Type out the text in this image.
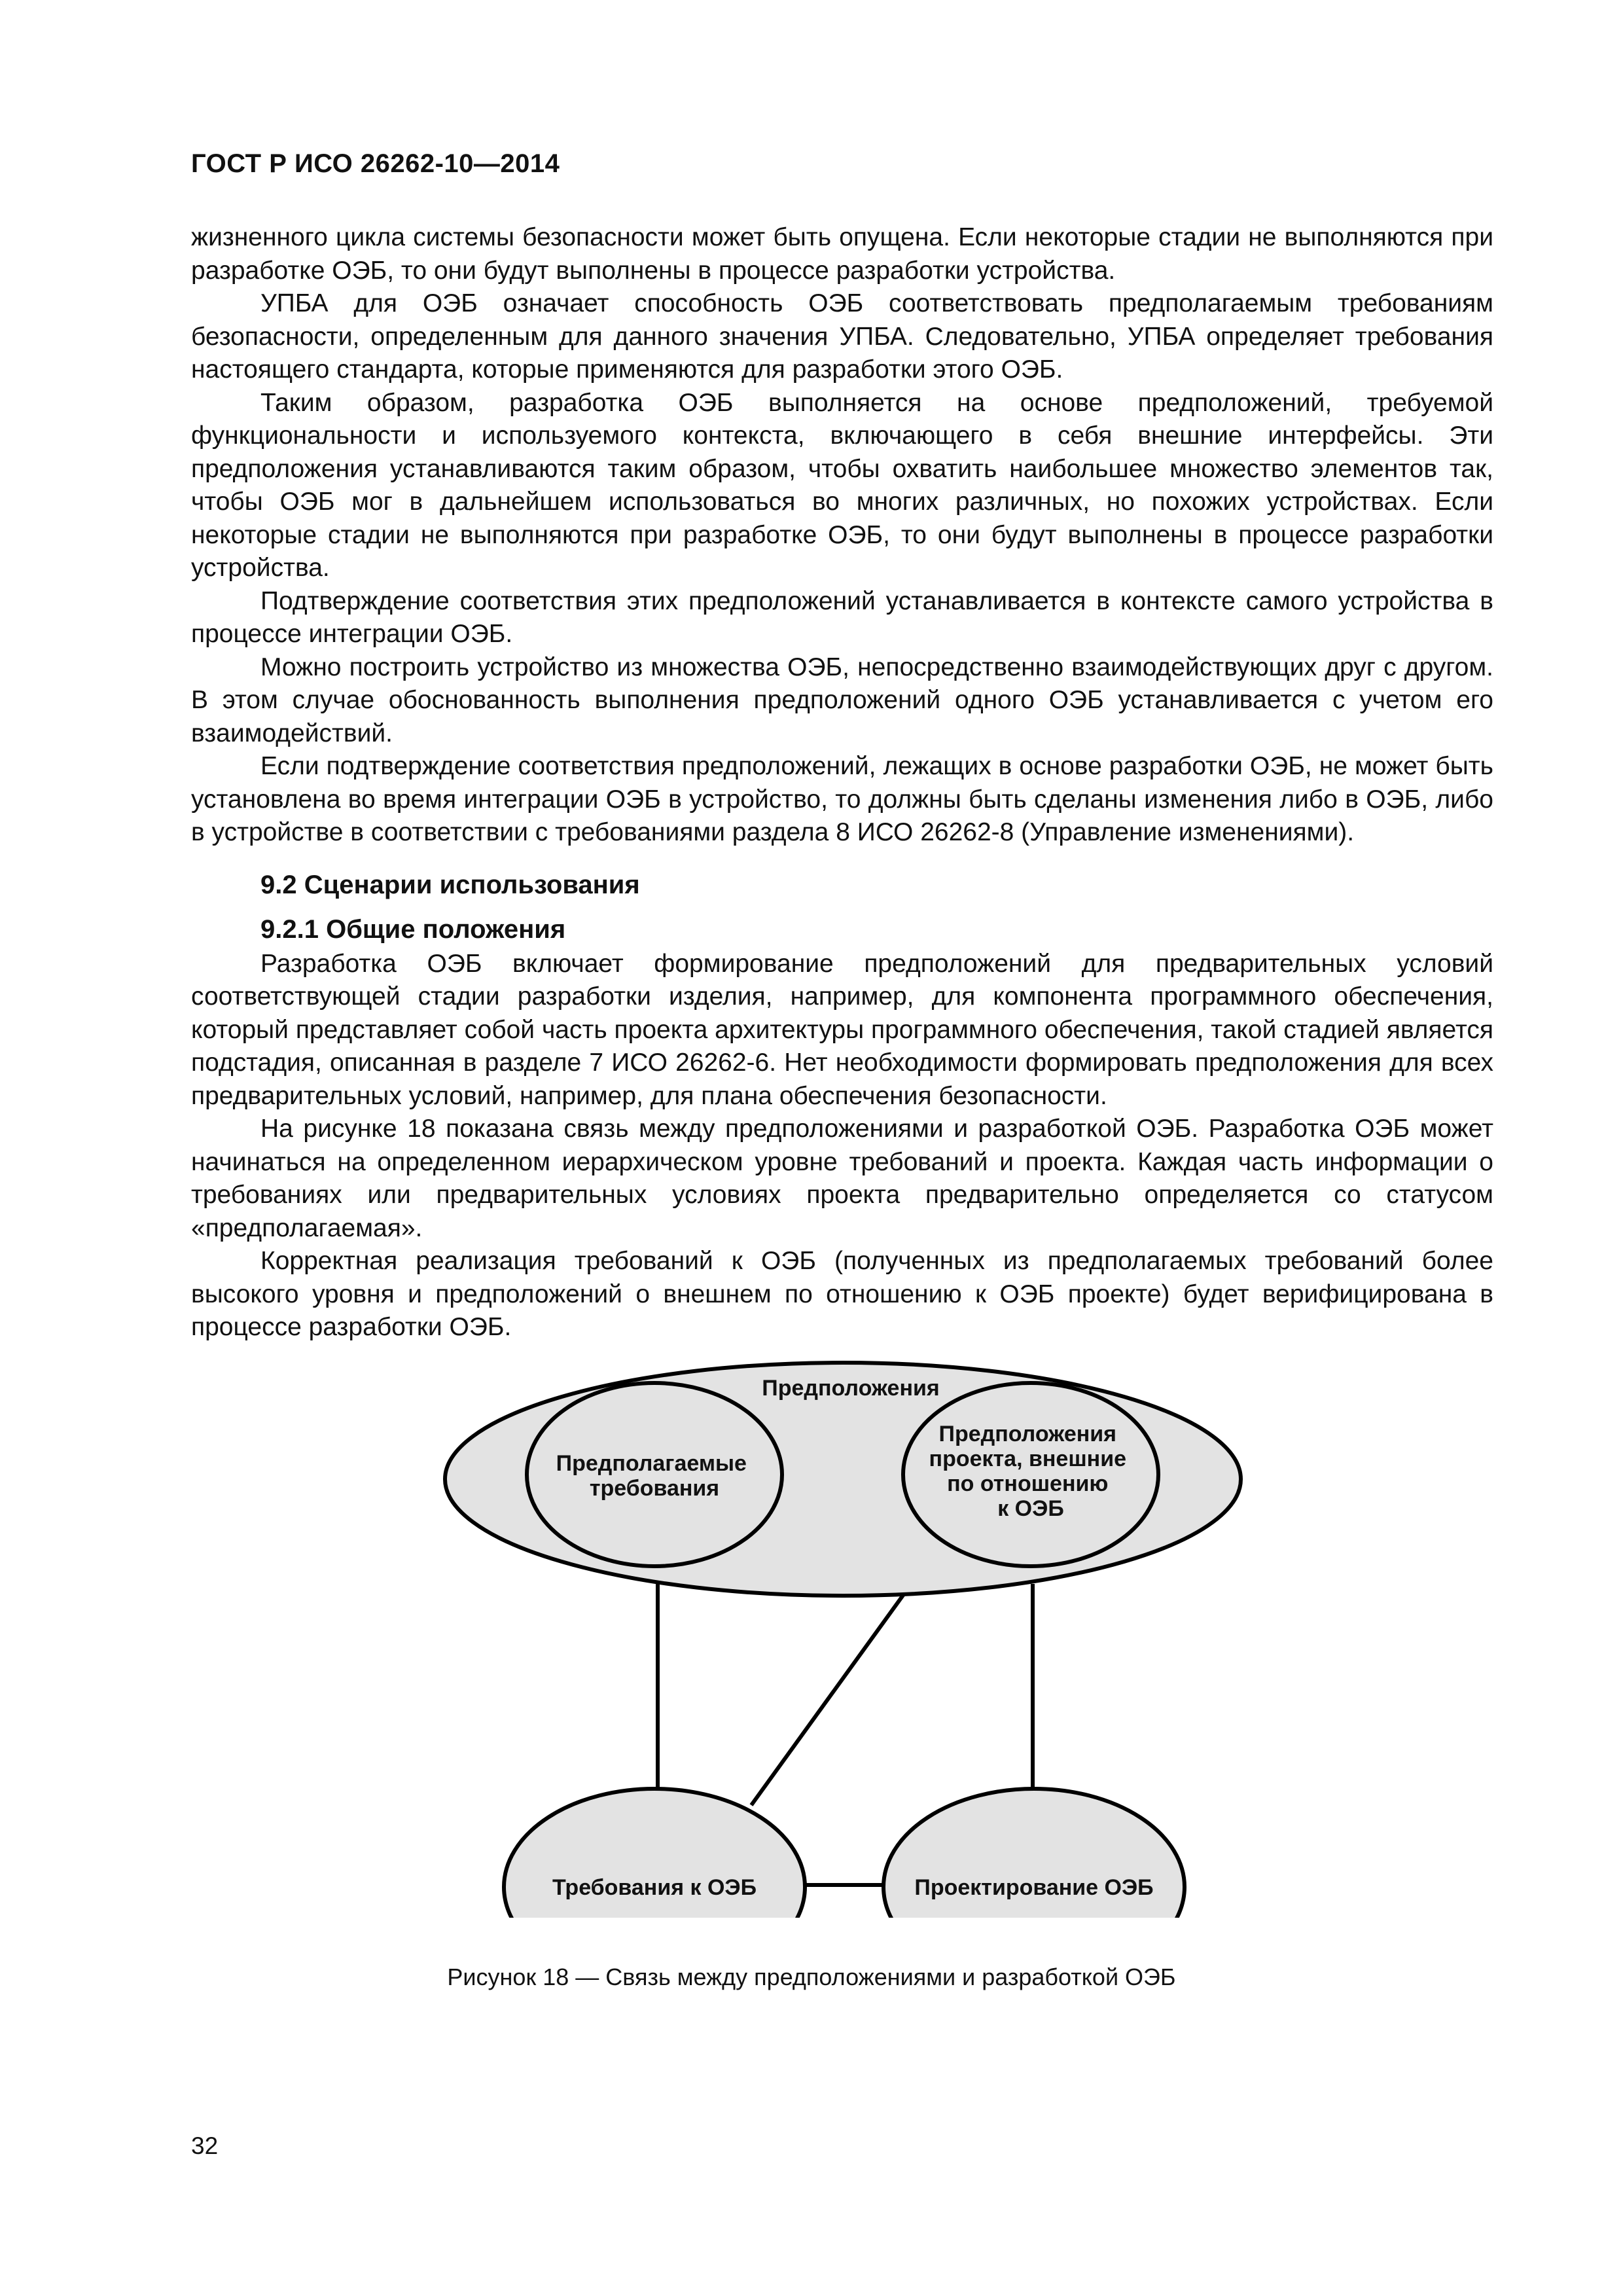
ГОСТ Р ИСО 26262-10—2014

жизненного цикла системы безопасности может быть опущена. Если некоторые стадии не выполняются при разработке ОЭБ, то они будут выполнены в процессе разработки устройства.

УПБА для ОЭБ означает способность ОЭБ соответствовать предполагаемым требованиям безопасности, определенным для данного значения УПБА. Следовательно, УПБА определяет требования настоящего стандарта, которые применяются для разработки этого ОЭБ.

Таким образом, разработка ОЭБ выполняется на основе предположений, требуемой функциональности и используемого контекста, включающего в себя внешние интерфейсы. Эти предположения устанавливаются таким образом, чтобы охватить наибольшее множество элементов так, чтобы ОЭБ мог в дальнейшем использоваться во многих различных, но похожих устройствах. Если некоторые стадии не выполняются при разработке ОЭБ, то они будут выполнены в процессе разработки устройства.

Подтверждение соответствия этих предположений устанавливается в контексте самого устройства в процессе интеграции ОЭБ.

Можно построить устройство из множества ОЭБ, непосредственно взаимодействующих друг с другом. В этом случае обоснованность выполнения предположений одного ОЭБ устанавливается с учетом его взаимодействий.

Если подтверждение соответствия предположений, лежащих в основе разработки ОЭБ, не может быть установлена во время интеграции ОЭБ в устройство, то должны быть сделаны изменения либо в ОЭБ, либо в устройстве в соответствии с требованиями раздела 8 ИСО 26262-8 (Управление изменениями).

9.2 Сценарии использования
9.2.1 Общие положения

Разработка ОЭБ включает формирование предположений для предварительных условий соответствующей стадии разработки изделия, например, для компонента программного обеспечения, который представляет собой часть проекта архитектуры программного обеспечения, такой стадией является подстадия, описанная в разделе 7 ИСО 26262-6. Нет необходимости формировать предположения для всех предварительных условий, например, для плана обеспечения безопасности.

На рисунке 18 показана связь между предположениями и разработкой ОЭБ. Разработка ОЭБ может начинаться на определенном иерархическом уровне требований и проекта. Каждая часть информации о требованиях или предварительных условиях проекта предварительно определяется со статусом «предполагаемая».

Корректная реализация требований к ОЭБ (полученных из предполагаемых требований более высокого уровня и предположений о внешнем по отношению к ОЭБ проекте) будет верифицирована в процессе разработки ОЭБ.

Предположения
Предполагаемые требования
Предположения проекта, внешние по отношению к ОЭБ
Требования к ОЭБ	Проектирование ОЭБ
Рисунок 18 — Связь между предположениями и разработкой ОЭБ
32
